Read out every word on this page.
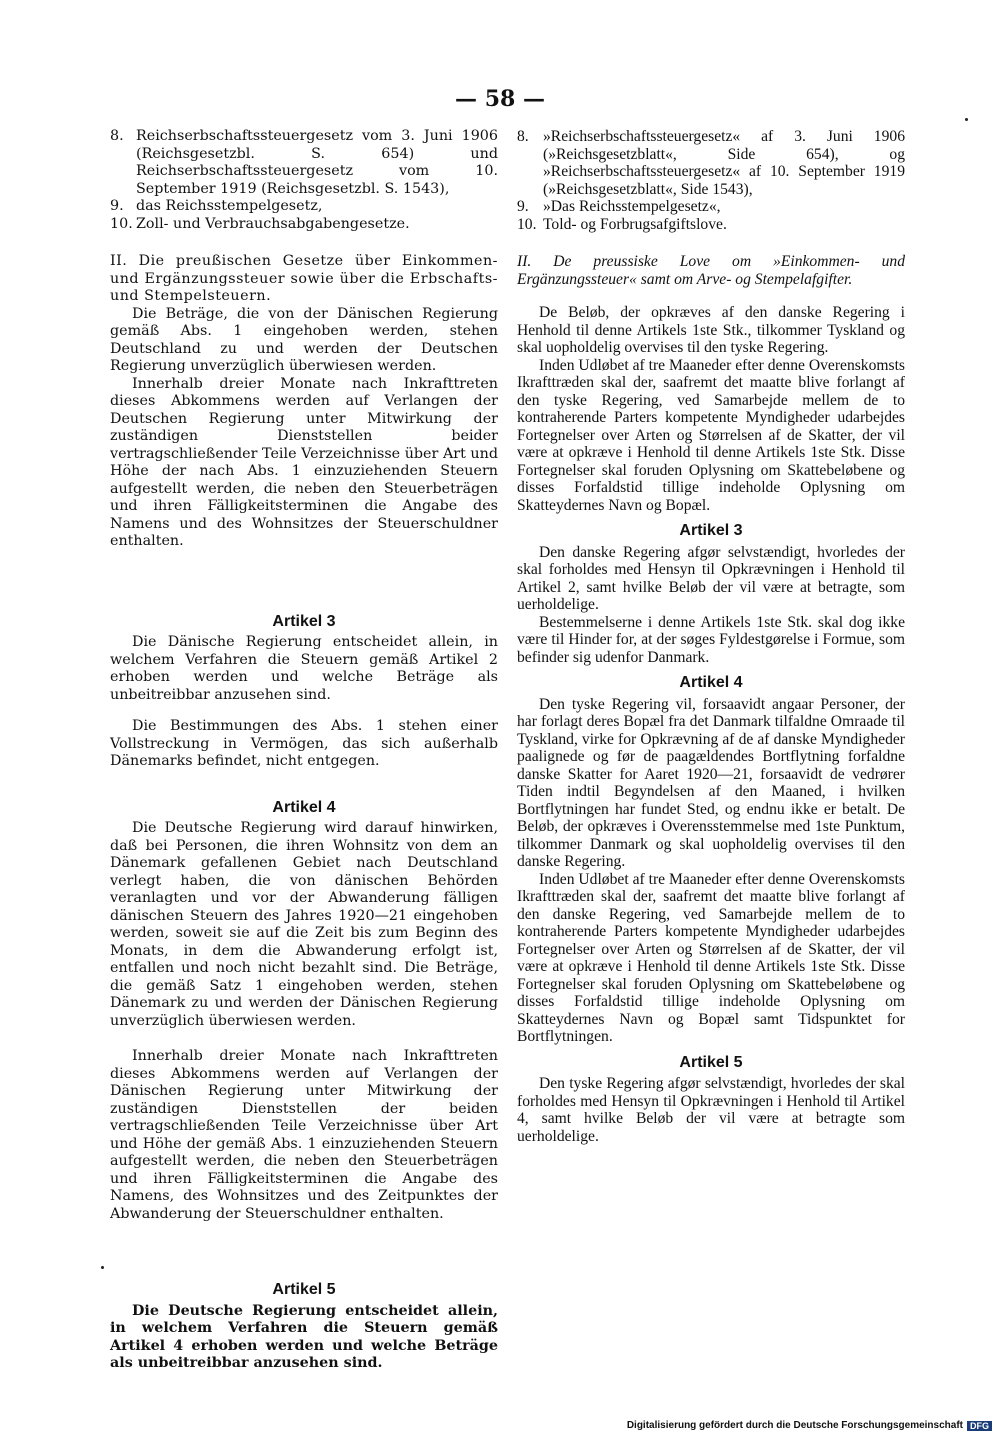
— 58 —
8. Reichserbschaftssteuergesetz vom 3. Juni 1906 (Reichsgesetzbl. S. 654) und Reichserbschaftssteuergesetz vom 10. September 1919 (Reichsgesetzbl. S. 1543),
9. das Reichsstempelgesetz,
10. Zoll- und Verbrauchsabgabengesetze.

II. Die preußischen Gesetze über Einkommen- und Ergänzungssteuer sowie über die Erbschafts- und Stempelsteuern.

Die Beträge, die von der Dänischen Regierung gemäß Abs. 1 eingehoben werden, stehen Deutschland zu und werden der Deutschen Regierung unverzüglich überwiesen werden.

Innerhalb dreier Monate nach Inkrafttreten dieses Abkommens werden auf Verlangen der Deutschen Regierung unter Mitwirkung der zuständigen Dienststellen beider vertragschließender Teile Verzeichnisse über Art und Höhe der nach Abs. 1 einzuziehenden Steuern aufgestellt werden, die neben den Steuerbeträgen und ihren Fälligkeitsterminen die Angabe des Namens und des Wohnsitzes der Steuerschuldner enthalten.

Artikel 3

Die Dänische Regierung entscheidet allein, in welchem Verfahren die Steuern gemäß Artikel 2 erhoben werden und welche Beträge als unbeitreibbar anzusehen sind.

Die Bestimmungen des Abs. 1 stehen einer Vollstreckung in Vermögen, das sich außerhalb Dänemarks befindet, nicht entgegen.

Artikel 4

Die Deutsche Regierung wird darauf hinwirken, daß bei Personen, die ihren Wohnsitz von dem an Dänemark gefallenen Gebiet nach Deutschland verlegt haben, die von dänischen Behörden veranlagten und vor der Abwanderung fälligen dänischen Steuern des Jahres 1920—21 eingehoben werden, soweit sie auf die Zeit bis zum Beginn des Monats, in dem die Abwanderung erfolgt ist, entfallen und noch nicht bezahlt sind. Die Beträge, die gemäß Satz 1 eingehoben werden, stehen Dänemark zu und werden der Dänischen Regierung unverzüglich überwiesen werden.

Innerhalb dreier Monate nach Inkrafttreten dieses Abkommens werden auf Verlangen der Dänischen Regierung unter Mitwirkung der zuständigen Dienststellen der beiden vertragschließenden Teile Verzeichnisse über Art und Höhe der gemäß Abs. 1 einzuziehenden Steuern aufgestellt werden, die neben den Steuerbeträgen und ihren Fälligkeitsterminen die Angabe des Namens, des Wohnsitzes und des Zeitpunktes der Abwanderung der Steuerschuldner enthalten.

Artikel 5

Die Deutsche Regierung entscheidet allein, in welchem Verfahren die Steuern gemäß Artikel 4 erhoben werden und welche Beträge als unbeitreibbar anzusehen sind.

8. »Reichserbschaftssteuergesetz« af 3. Juni 1906 (»Reichsgesetzblatt«, Side 654), og »Reichserbschaftssteuergesetz« af 10. September 1919 (»Reichsgesetzblatt«, Side 1543),
9. »Das Reichsstempelgesetz«,
10. Told- og Forbrugsafgiftslove.

II. De preussiske Love om »Einkommen- und Ergänzungssteuer« samt om Arve- og Stempelafgifter.

De Beløb, der opkræves af den danske Regering i Henhold til denne Artikels 1ste Stk., tilkommer Tyskland og skal uopholdelig overvises til den tyske Regering.

Inden Udløbet af tre Maaneder efter denne Overenskomsts Ikrafttræden skal der, saafremt det maatte blive forlangt af den tyske Regering, ved Samarbejde mellem de to kontraherende Parters kompetente Myndigheder udarbejdes Fortegnelser over Arten og Størrelsen af de Skatter, der vil være at opkræve i Henhold til denne Artikels 1ste Stk. Disse Fortegnelser skal foruden Oplysning om Skattebeløbene og disses Forfaldstid tillige indeholde Oplysning om Skatteydernes Navn og Bopæl.

Artikel 3

Den danske Regering afgør selvstændigt, hvorledes der skal forholdes med Hensyn til Opkrævningen i Henhold til Artikel 2, samt hvilke Beløb der vil være at betragte, som uerholdelige.

Bestemmelserne i denne Artikels 1ste Stk. skal dog ikke være til Hinder for, at der søges Fyldestgørelse i Formue, som befinder sig udenfor Danmark.

Artikel 4

Den tyske Regering vil, forsaavidt angaar Personer, der har forlagt deres Bopæl fra det Danmark tilfaldne Omraade til Tyskland, virke for Opkrævning af de af danske Myndigheder paalignede og før de paagældendes Bortflytning forfaldne danske Skatter for Aaret 1920—21, forsaavidt de vedrører Tiden indtil Begyndelsen af den Maaned, i hvilken Bortflytningen har fundet Sted, og endnu ikke er betalt. De Beløb, der opkræves i Overensstemmelse med 1ste Punktum, tilkommer Danmark og skal uopholdelig overvises til den danske Regering.

Inden Udløbet af tre Maaneder efter denne Overenskomsts Ikrafttræden skal der, saafremt det maatte blive forlangt af den danske Regering, ved Samarbejde mellem de to kontraherende Parters kompetente Myndigheder udarbejdes Fortegnelser over Arten og Størrelsen af de Skatter, der vil være at opkræve i Henhold til denne Artikels 1ste Stk. Disse Fortegnelser skal foruden Oplysning om Skattebeløbene og disses Forfaldstid tillige indeholde Oplysning om Skatteydernes Navn og Bopæl samt Tidspunktet for Bortflytningen.

Artikel 5

Den tyske Regering afgør selvstændigt, hvorledes der skal forholdes med Hensyn til Opkrævningen i Henhold til Artikel 4, samt hvilke Beløb der vil være at betragte som uerholdelige.

Digitalisierung gefördert durch die Deutsche Forschungsgemeinschaft DFG
